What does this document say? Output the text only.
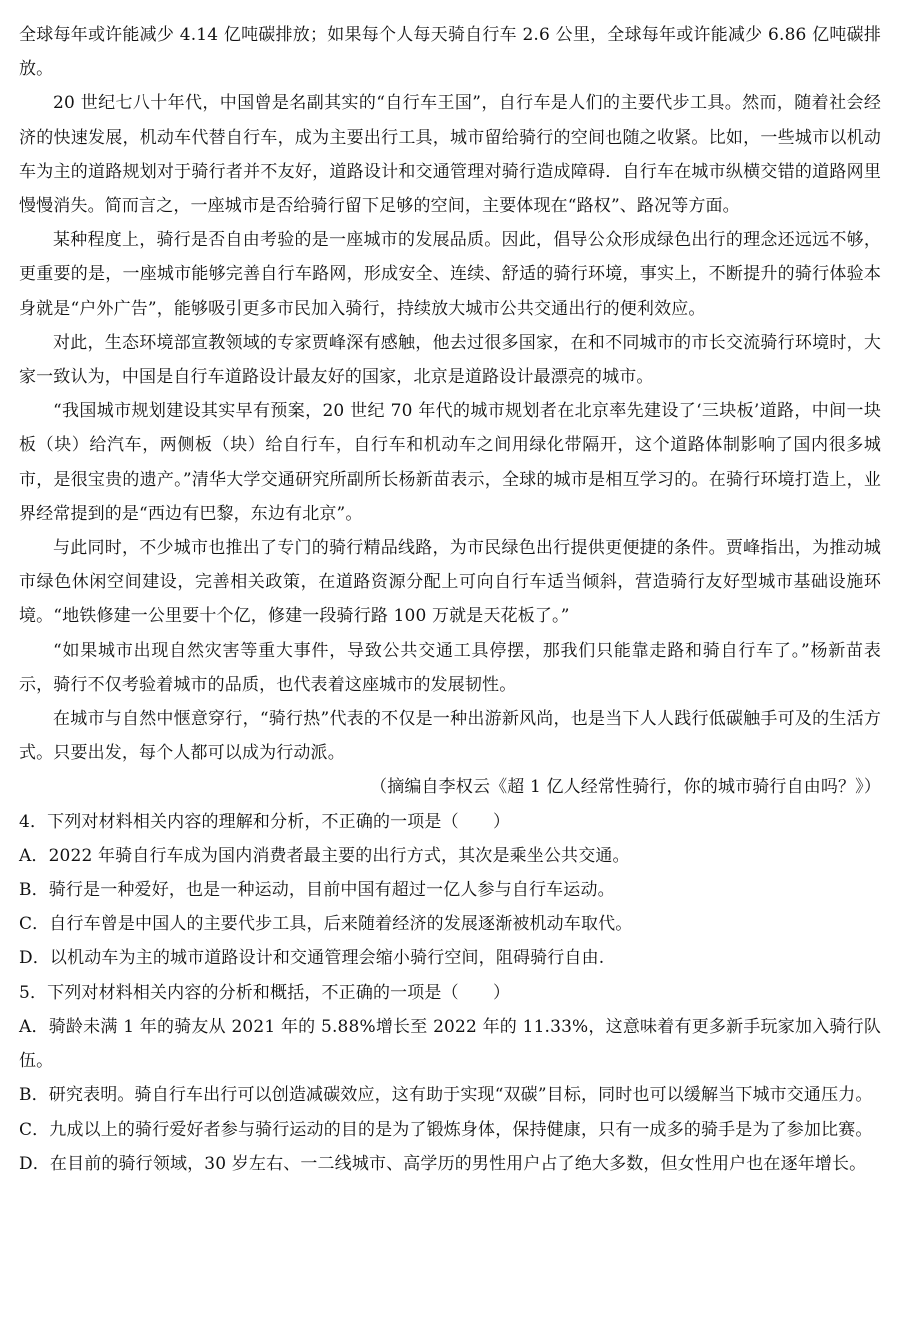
全球每年或许能减少 4.14 亿吨碳排放；如果每个人每天骑自行车 2.6 公里，全球每年或许能减少 6.86 亿吨碳排放。

20 世纪七八十年代，中国曾是名副其实的“自行车王国”，自行车是人们的主要代步工具。然而，随着社会经济的快速发展，机动车代替自行车，成为主要出行工具，城市留给骑行的空间也随之收紧。比如，一些城市以机动车为主的道路规划对于骑行者并不友好，道路设计和交通管理对骑行造成障碍．自行车在城市纵横交错的道路网里慢慢消失。简而言之，一座城市是否给骑行留下足够的空间，主要体现在“路权”、路况等方面。

某种程度上，骑行是否自由考验的是一座城市的发展品质。因此，倡导公众形成绿色出行的理念还远远不够，更重要的是，一座城市能够完善自行车路网，形成安全、连续、舒适的骑行环境，事实上，不断提升的骑行体验本身就是“户外广告”，能够吸引更多市民加入骑行，持续放大城市公共交通出行的便利效应。

对此，生态环境部宣教领域的专家贾峰深有感触，他去过很多国家，在和不同城市的市长交流骑行环境时，大家一致认为，中国是自行车道路设计最友好的国家，北京是道路设计最漂亮的城市。

“我国城市规划建设其实早有预案，20 世纪 70 年代的城市规划者在北京率先建设了‘三块板’道路，中间一块板（块）给汽车，两侧板（块）给自行车，自行车和机动车之间用绿化带隔开，这个道路体制影响了国内很多城市，是很宝贵的遗产。”清华大学交通研究所副所长杨新苗表示，全球的城市是相互学习的。在骑行环境打造上，业界经常提到的是“西边有巴黎，东边有北京”。

与此同时，不少城市也推出了专门的骑行精品线路，为市民绿色出行提供更便捷的条件。贾峰指出，为推动城市绿色休闲空间建设，完善相关政策，在道路资源分配上可向自行车适当倾斜，营造骑行友好型城市基础设施环境。“地铁修建一公里要十个亿，修建一段骑行路 100 万就是天花板了。”

“如果城市出现自然灾害等重大事件，导致公共交通工具停摆，那我们只能靠走路和骑自行车了。”杨新苗表示，骑行不仅考验着城市的品质，也代表着这座城市的发展韧性。

在城市与自然中惬意穿行，“骑行热”代表的不仅是一种出游新风尚，也是当下人人践行低碳触手可及的生活方式。只要出发，每个人都可以成为行动派。

（摘编自李权云《超 1 亿人经常性骑行，你的城市骑行自由吗？》）

4．下列对材料相关内容的理解和分析，不正确的一项是（　　）

A．2022 年骑自行车成为国内消费者最主要的出行方式，其次是乘坐公共交通。

B．骑行是一种爱好，也是一种运动，目前中国有超过一亿人参与自行车运动。

C．自行车曾是中国人的主要代步工具，后来随着经济的发展逐渐被机动车取代。

D．以机动车为主的城市道路设计和交通管理会缩小骑行空间，阻碍骑行自由.

5．下列对材料相关内容的分析和概括，不正确的一项是（　　）

A．骑龄未满 1 年的骑友从 2021 年的 5.88%增长至 2022 年的 11.33%，这意味着有更多新手玩家加入骑行队伍。

B．研究表明。骑自行车出行可以创造减碳效应，这有助于实现“双碳”目标，同时也可以缓解当下城市交通压力。

C．九成以上的骑行爱好者参与骑行运动的目的是为了锻炼身体，保持健康，只有一成多的骑手是为了参加比赛。

D．在目前的骑行领域，30 岁左右、一二线城市、高学历的男性用户占了绝大多数，但女性用户也在逐年增长。
